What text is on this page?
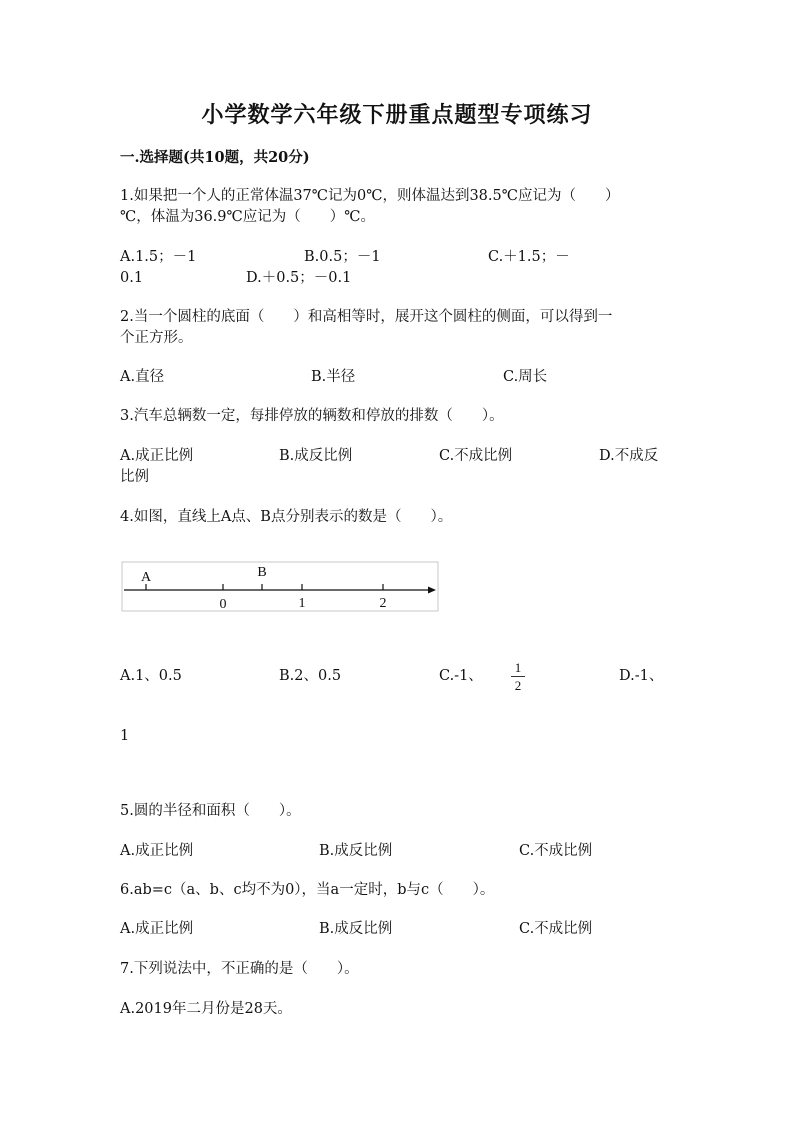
小学数学六年级下册重点题型专项练习
一.选择题(共10题，共20分)
1.如果把一个人的正常体温37℃记为0℃，则体温达到38.5℃应记为（　　）
℃，体温为36.9℃应记为（　　）℃。
A.1.5；－1	B.0.5；－1	C.＋1.5；－
0.1	D.＋0.5；－0.1
2.当一个圆柱的底面（　　）和高相等时，展开这个圆柱的侧面，可以得到一
个正方形。
A.直径	B.半径	C.周长
3.汽车总辆数一定，每排停放的辆数和停放的排数（　　）。
A.成正比例	B.成反比例	C.不成比例	D.不成反
比例
4.如图，直线上A点、B点分别表示的数是（　　）。
A	B
0	1	2
A.1、0.5	B.2、0.5	C.-1、
1
2
D.-1、
1
5.圆的半径和面积（　　）。
A.成正比例	B.成反比例	C.不成比例
6.ab=c（a、b、c均不为0），当a一定时，b与c（　　）。
A.成正比例	B.成反比例	C.不成比例
7.下列说法中，不正确的是（　　）。
A.2019年二月份是28天。
